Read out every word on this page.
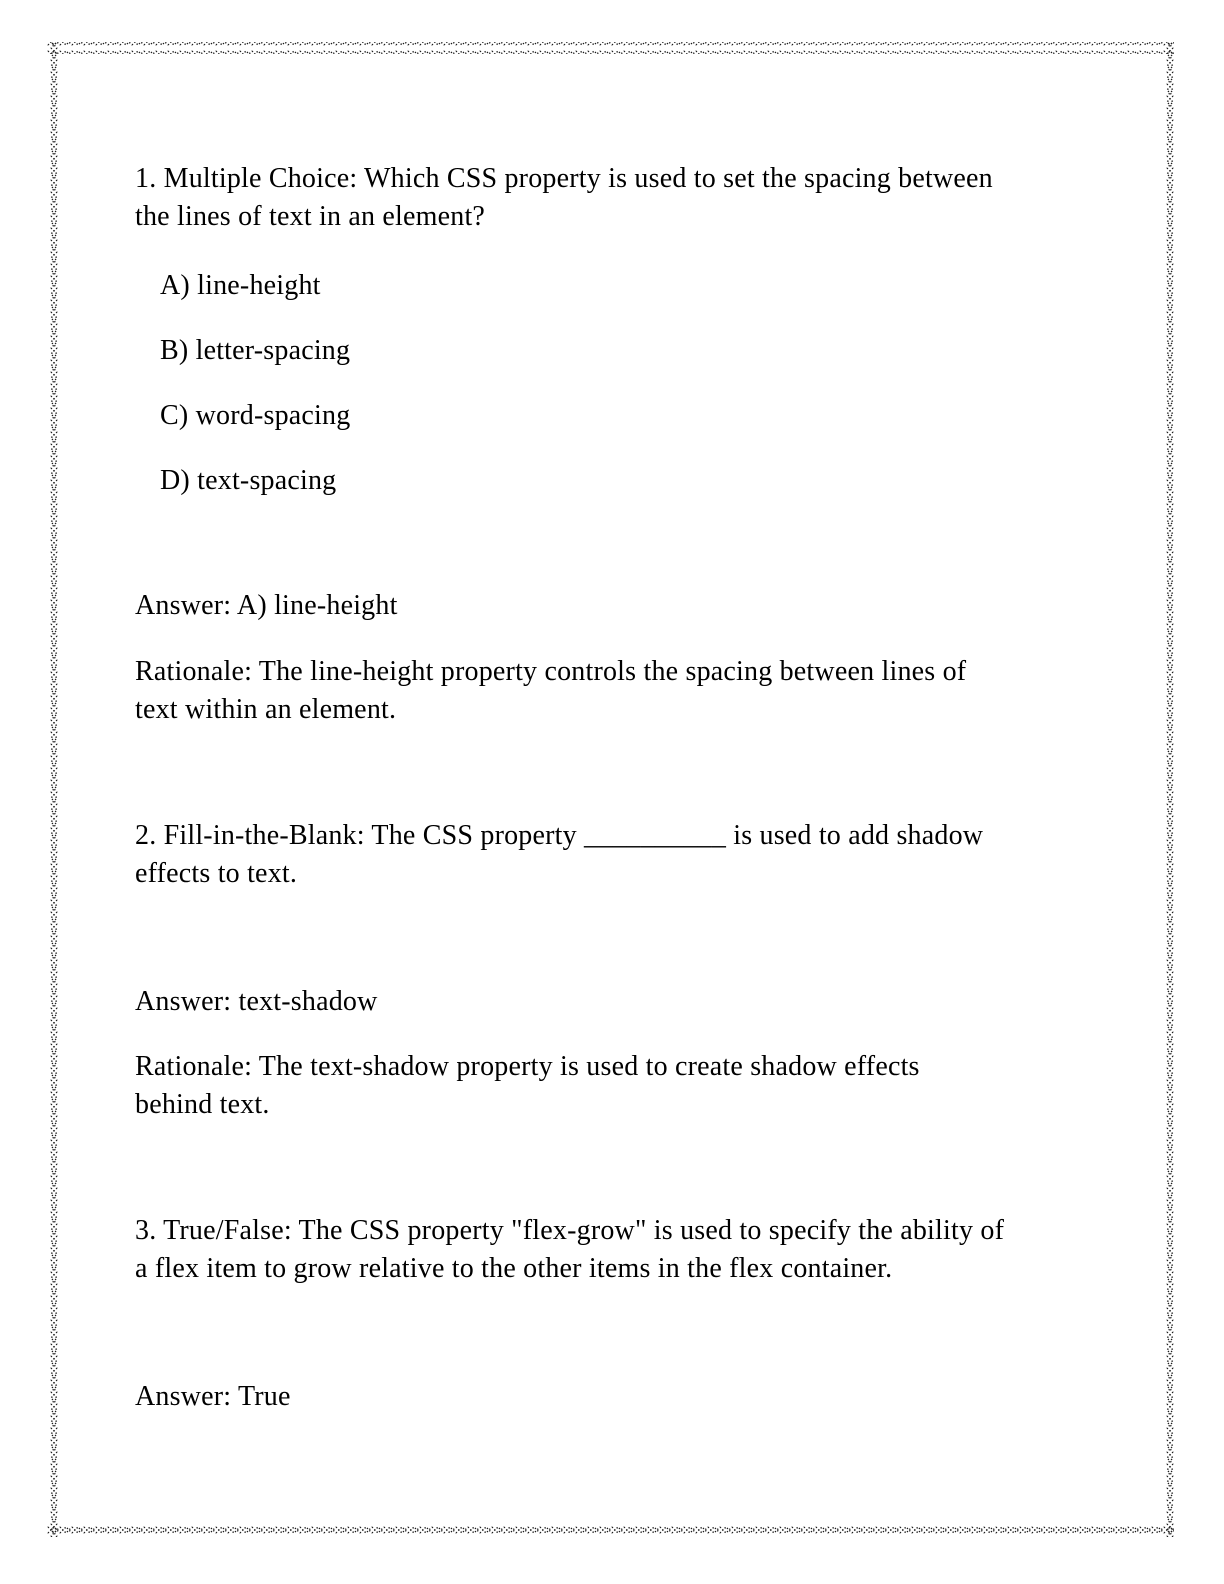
1. Multiple Choice: Which CSS property is used to set the spacing between

the lines of text in an element?

A) line-height

B) letter-spacing

C) word-spacing

D) text-spacing

Answer: A) line-height

Rationale: The line-height property controls the spacing between lines of

text within an element.

2. Fill-in-the-Blank: The CSS property __________ is used to add shadow

effects to text.

Answer: text-shadow

Rationale: The text-shadow property is used to create shadow effects

behind text.

3. True/False: The CSS property "flex-grow" is used to specify the ability of

a flex item to grow relative to the other items in the flex container.

Answer: True
